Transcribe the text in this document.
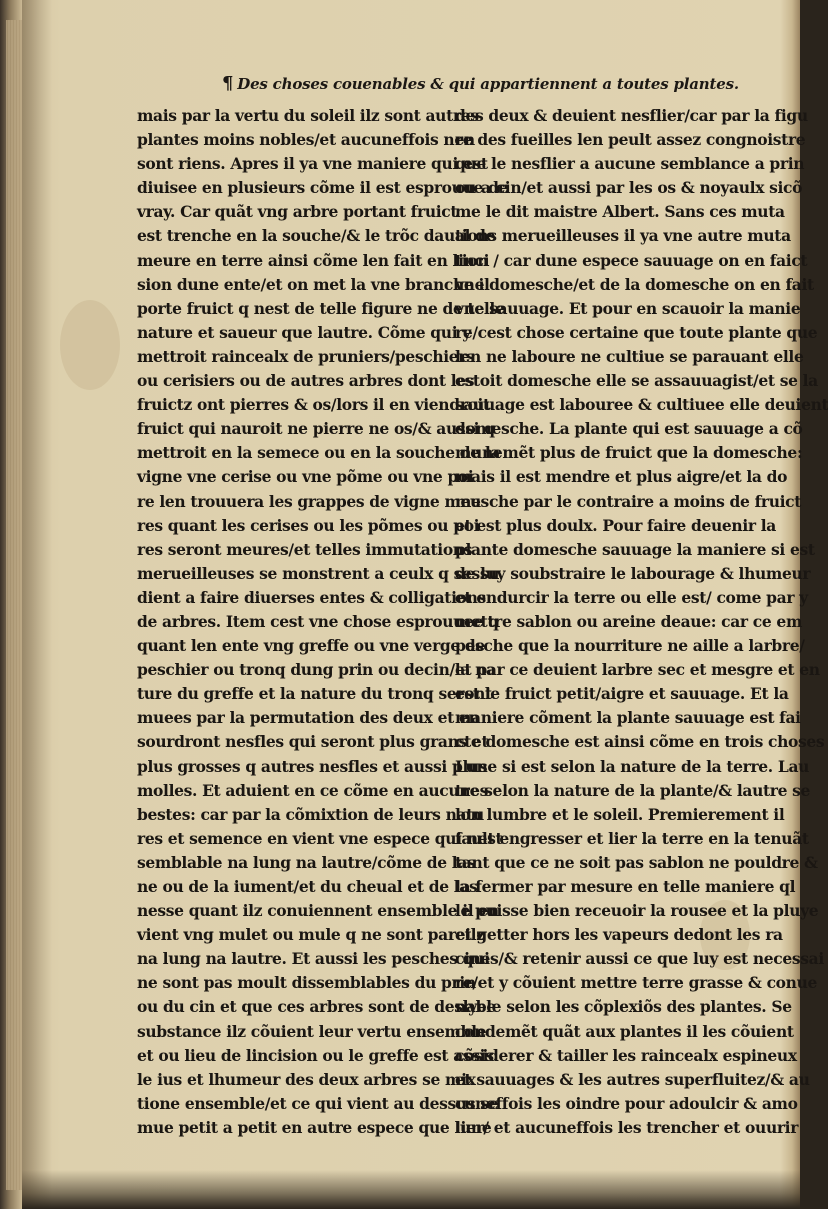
¶ Des choses couenables & qui appartiennent a toutes plantes.
mais par la vertu du soleil ilz sont autres
plantes moins nobles/et aucuneffois nen
sont riens. Apres il ya vne maniere qui est
diuisee en plusieurs cõme il est esprouue de
vray. Car quãt vng arbre portant fruict
est trenche en la souche/& le trõc daual de
meure en terre ainsi cõme len fait en linci
sion dune ente/et on met la vne branche il
porte fruict q nest de telle figure ne de telle
nature et saueur que lautre. Cõme qui y
mettroit raincealx de pruniers/peschiers
ou cerisiers ou de autres arbres dont les
fruictz ont pierres & os/lors il en viendroit
fruict qui nauroit ne pierre ne os/& aussi q
mettroit en la semece ou en la souche de la
vigne vne cerise ou vne põme ou vne poi
re len trouuera les grappes de vigne meu
res quant les cerises ou les põmes ou poi
res seront meures/et telles immutations
merueilleuses se monstrent a ceulx q sessu
dient a faire diuerses entes & colligations
de arbres. Item cest vne chose esprouuee q
quant len ente vng greffe ou vne verge de
peschier ou tronq dung prin ou decin/la na
ture du greffe et la nature du tronq seront
muees par la permutation des deux et en
sourdront nesfles qui seront plus grans et
plus grosses q autres nesfles et aussi plus
molles. Et aduient en ce cõme en aucunes
bestes: car par la cõmixtion de leurs natu
res et semence en vient vne espece qui nest
semblable na lung na lautre/cõme de las
ne ou de la iument/et du cheual et de las
nesse quant ilz conuiennent ensemble il en
vient vng mulet ou mule q ne sont pareilz
na lung na lautre. Et aussi les pesches qui
ne sont pas moult dissemblables du prin
ou du cin et que ces arbres sont de deslyee
substance ilz cõuient leur vertu ensemble
et ou lieu de lincision ou le greffe est assis
le ius et lhumeur des deux arbres se mix
tione ensemble/et ce qui vient au dessus se
mue petit a petit en autre espece que lune
des deux & deuient nesflier/car par la figu
re des fueilles len peult assez congnoistre
que le nesflier a aucune semblance a prin
ou a cin/et aussi par les os & noyaulx sicõ
me le dit maistre Albert. Sans ces muta
tions merueilleuses il ya vne autre muta
tion / car dune espece sauuage on en faict
vne domesche/et de la domesche on en fait
vne sauuage. Et pour en scauoir la manie
re/cest chose certaine que toute plante que
len ne laboure ne cultiue se parauant elle
estoit domesche elle se assauuagist/et se la
sauuage est labouree & cultiuee elle deuient
domesche. La plante qui est sauuage a cõ
munemẽt plus de fruict que la domesche:
mais il est mendre et plus aigre/et la do
mesche par le contraire a moins de fruict
et est plus doulx. Pour faire deuenir la
plante domesche sauuage la maniere si est
de luy soubstraire le labourage & lhumeur
et endurcir la terre ou elle est/ come par y
mettre sablon ou areine deaue: car ce em
pesche que la nourriture ne aille a larbre/
et par ce deuient larbre sec et mesgre et en
est le fruict petit/aigre et sauuage. Et la
maniere cõment la plante sauuage est fai
cte domesche est ainsi cõme en trois choses
Lune si est selon la nature de la terre. Lau
tre selon la nature de la plante/& lautre se
lon lumbre et le soleil. Premierement il
fault engresser et lier la terre en la tenuãt
tant que ce ne soit pas sablon ne pouldre &
la fermer par mesure en telle maniere ql
le puisse bien receuoir la rousee et la pluye
et getter hors les vapeurs dedont les ra
cines/& retenir aussi ce que luy est necessai
re/et y cõuient mettre terre grasse & conue
nable selon les cõplexiõs des plantes. Se
condemẽt quãt aux plantes il les cõuient
cõsiderer & tailler les raincealx espineux
et sauuages & les autres superfluitez/& au
cuneffois les oindre pour adoulcir & amo
lier/ et aucuneffois les trencher et ouurir
